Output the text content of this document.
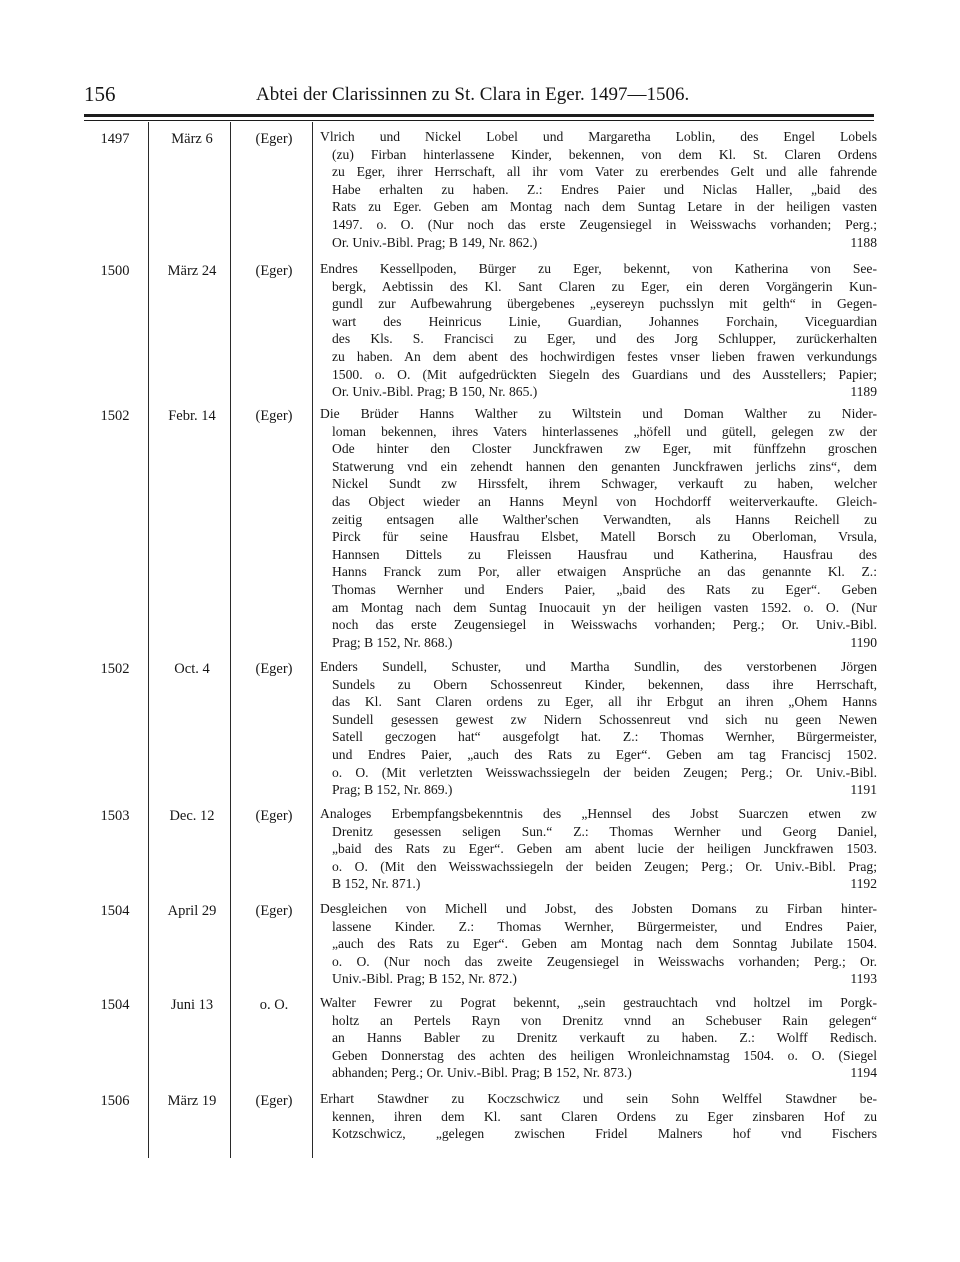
156	Abtei der Clarissinnen zu St. Clara in Eger. 1497—1506.
1497	März 6	(Eger)	Vlrich und Nickel Lobel und Margaretha Loblin, des Engel Lobels
(zu) Firban hinterlassene Kinder, bekennen, von dem Kl. St. Claren Ordens
zu Eger, ihrer Herrschaft, all ihr vom Vater zu ererbendes Gelt und alle fahrende
Habe erhalten zu haben. Z.: Endres Paier und Niclas Haller, „baid des
Rats zu Eger. Geben am Montag nach dem Suntag Letare in der heiligen vasten
1497. o. O. (Nur noch das erste Zeugensiegel in Weisswachs vorhanden; Perg.;
Or. Univ.-Bibl. Prag; B 149, Nr. 862.)	1188
1500	März 24	(Eger)	Endres Kessellpoden, Bürger zu Eger, bekennt, von Katherina von See-
bergk, Aebtissin des Kl. Sant Claren zu Eger, ein deren Vorgängerin Kun-
gundl zur Aufbewahrung übergebenes „eysereyn puchsslyn mit gelth“ in Gegen-
wart des Heinricus Linie, Guardian, Johannes Forchain, Viceguardian
des Kls. S. Francisci zu Eger, und des Jorg Schlupper, zurückerhalten
zu haben. An dem abent des hochwirdigen festes vnser lieben frawen verkundungs
1500. o. O. (Mit aufgedrückten Siegeln des Guardians und des Ausstellers; Papier;
Or. Univ.-Bibl. Prag; B 150, Nr. 865.)	1189
1502	Febr. 14	(Eger)	Die Brüder Hanns Walther zu Wiltstein und Doman Walther zu Nider-
loman bekennen, ihres Vaters hinterlassenes „höfell und gütell, gelegen zw der
Ode hinter den Closter Junckfrawen zw Eger, mit fünffzehn groschen
Statwerung vnd ein zehendt hannen den genanten Junckfrawen jerlichs zins“, dem
Nickel Sundt zw Hirssfelt, ihrem Schwager, verkauft zu haben, welcher
das Object wieder an Hanns Meynl von Hochdorff weiterverkaufte. Gleich-
zeitig entsagen alle Walther'schen Verwandten, als Hanns Reichell zu
Pirck für seine Hausfrau Elsbet, Matell Borsch zu Oberloman, Vrsula,
Hannsen Dittels zu Fleissen Hausfrau und Katherina, Hausfrau des
Hanns Franck zum Por, aller etwaigen Ansprüche an das genannte Kl. Z.:
Thomas Wernher und Enders Paier, „baid des Rats zu Eger“. Geben
am Montag nach dem Suntag Inuocauit yn der heiligen vasten 1592. o. O. (Nur
noch das erste Zeugensiegel in Weisswachs vorhanden; Perg.; Or. Univ.-Bibl.
Prag; B 152, Nr. 868.)	1190
1502	Oct. 4	(Eger)	Enders Sundell, Schuster, und Martha Sundlin, des verstorbenen Jörgen
Sundels zu Obern Schossenreut Kinder, bekennen, dass ihre Herrschaft,
das Kl. Sant Claren ordens zu Eger, all ihr Erbgut an ihren „Ohem Hanns
Sundell gesessen gewest zw Nidern Schossenreut vnd sich nu geen Newen
Satell geczogen hat“ ausgefolgt hat. Z.: Thomas Wernher, Bürgermeister,
und Endres Paier, „auch des Rats zu Eger“. Geben am tag Franciscj 1502.
o. O. (Mit verletzten Weisswachssiegeln der beiden Zeugen; Perg.; Or. Univ.-Bibl.
Prag; B 152, Nr. 869.)	1191
1503	Dec. 12	(Eger)	Analoges Erbempfangsbekenntnis des „Hennsel des Jobst Suarczen etwen zw
Drenitz gesessen seligen Sun.“ Z.: Thomas Wernher und Georg Daniel,
„baid des Rats zu Eger“. Geben am abent lucie der heiligen Junckfrawen 1503.
o. O. (Mit den Weisswachssiegeln der beiden Zeugen; Perg.; Or. Univ.-Bibl. Prag;
B 152, Nr. 871.)	1192
1504	April 29	(Eger)	Desgleichen von Michell und Jobst, des Jobsten Domans zu Firban hinter-
lassene Kinder. Z.: Thomas Wernher, Bürgermeister, und Endres Paier,
„auch des Rats zu Eger“. Geben am Montag nach dem Sonntag Jubilate 1504.
o. O. (Nur noch das zweite Zeugensiegel in Weisswachs vorhanden; Perg.; Or.
Univ.-Bibl. Prag; B 152, Nr. 872.)	1193
1504	Juni 13	o. O.	Walter Fewrer zu Pograt bekennt, „sein gestrauchtach vnd holtzel im Porgk-
holtz an Pertels Rayn von Drenitz vnnd an Schebuser Rain gelegen“
an Hanns Babler zu Drenitz verkauft zu haben. Z.: Wolff Redisch.
Geben Donnerstag des achten des heiligen Wronleichnamstag 1504. o. O. (Siegel
abhanden; Perg.; Or. Univ.-Bibl. Prag; B 152, Nr. 873.)	1194
1506	März 19	(Eger)	Erhart Stawdner zu Koczschwicz und sein Sohn Welffel Stawdner be-
kennen, ihren dem Kl. sant Claren Ordens zu Eger zinsbaren Hof zu
Kotzschwicz, „gelegen zwischen Fridel Malners hof vnd Fischers
